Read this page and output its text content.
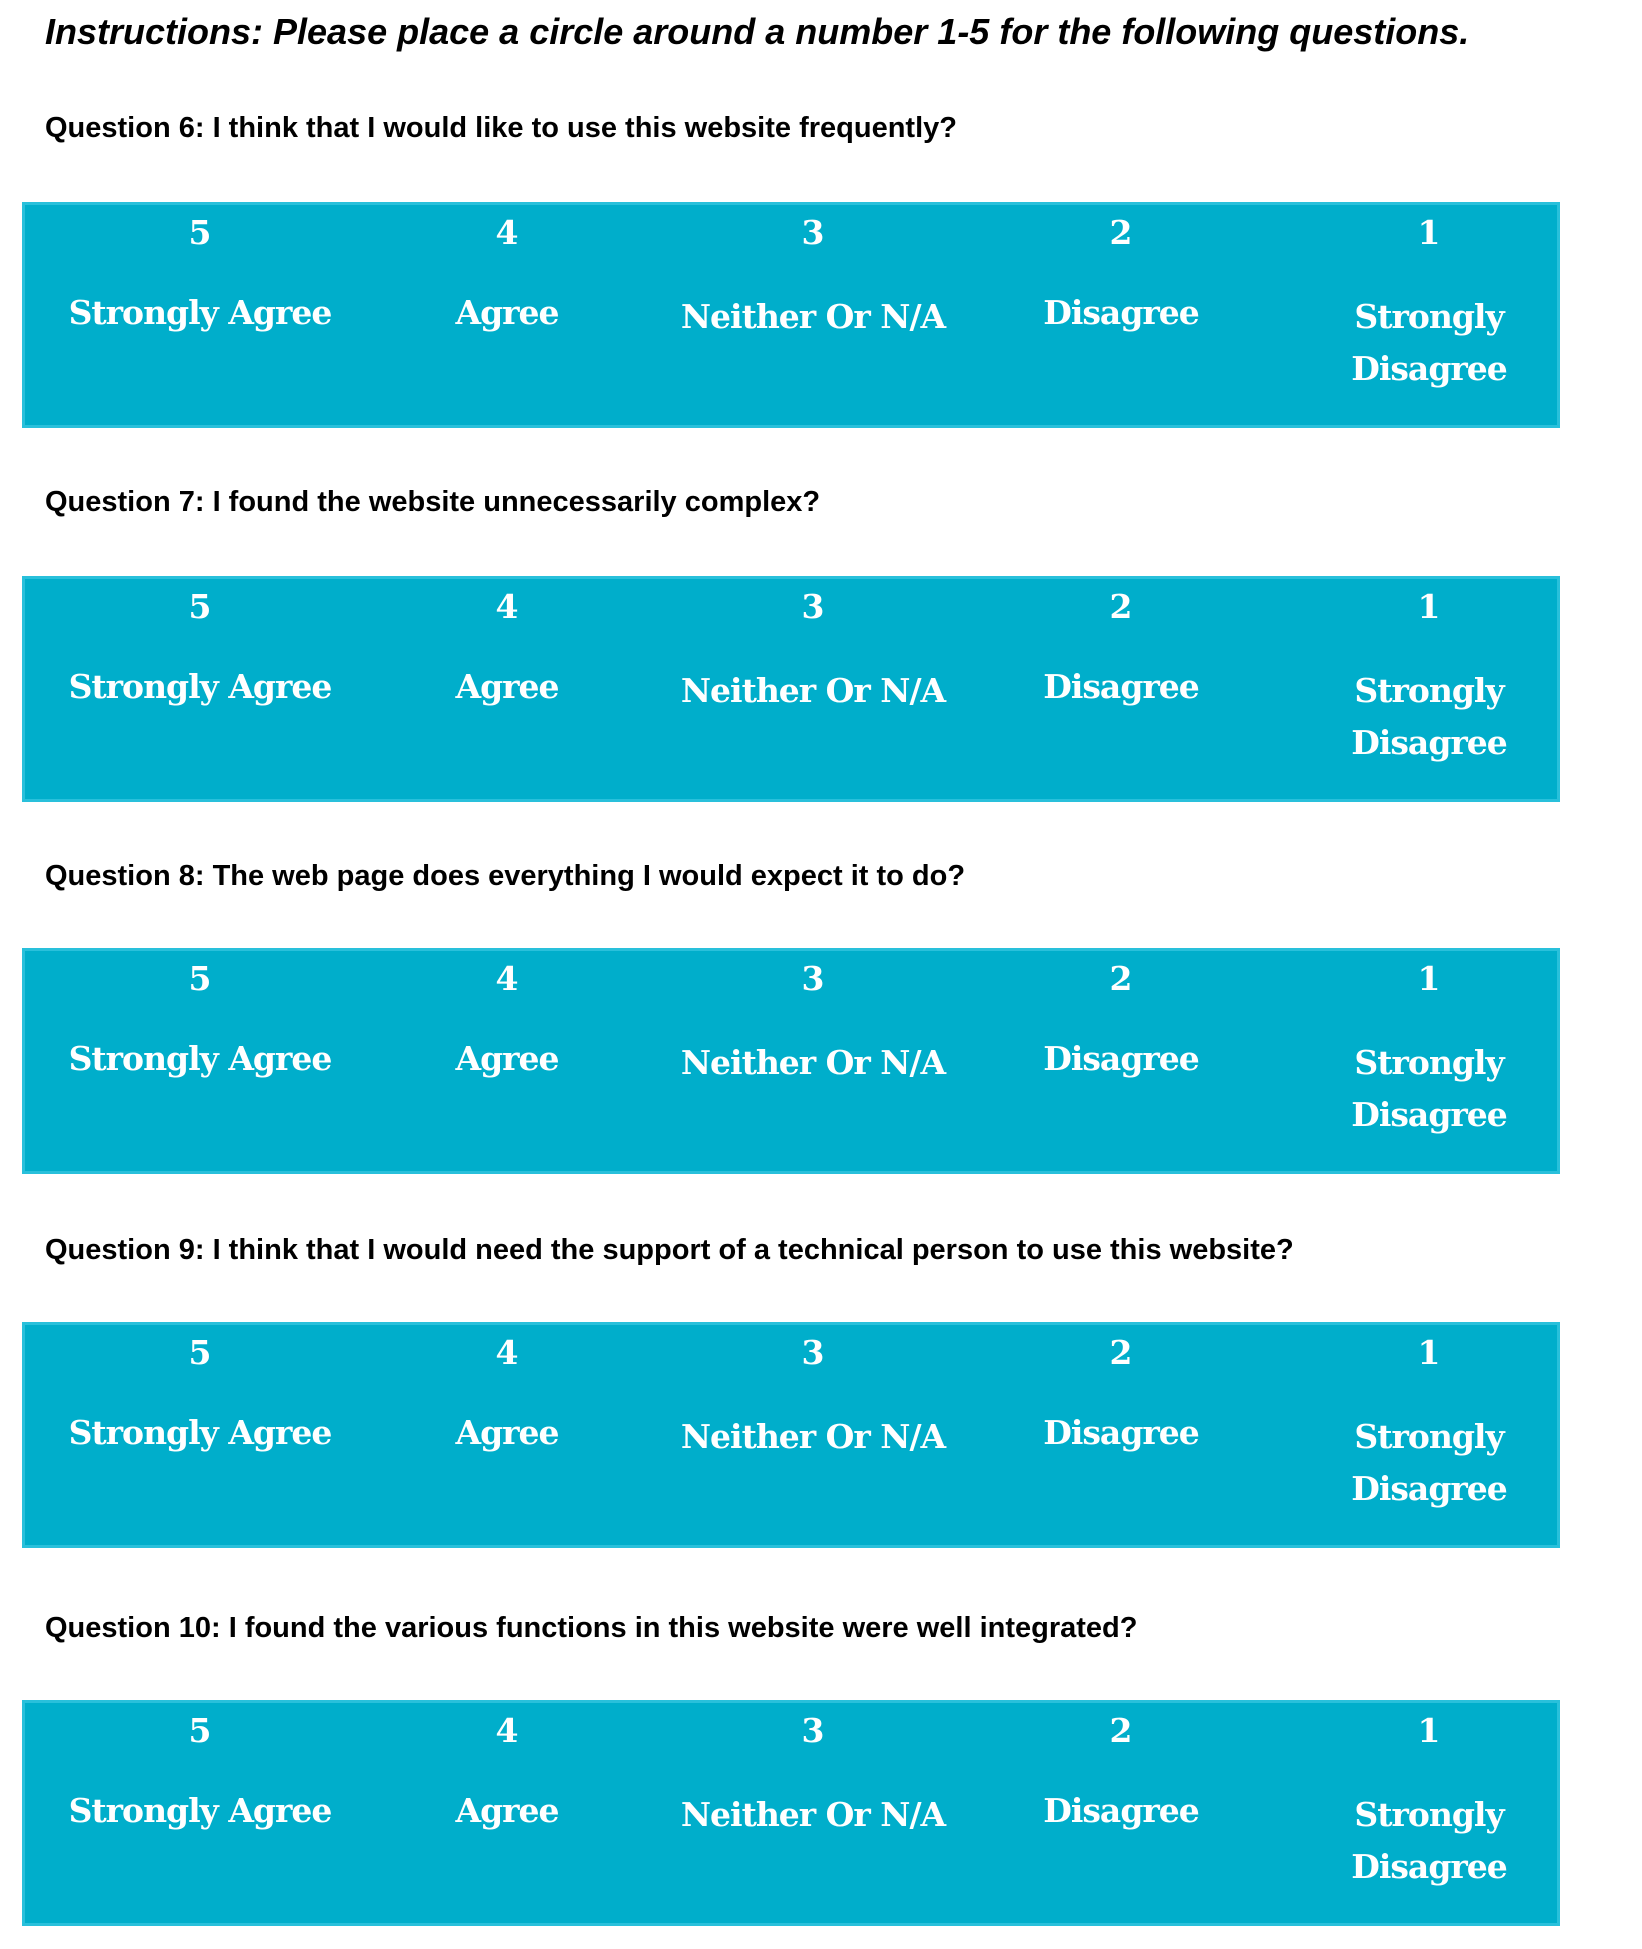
Instructions: Please place a circle around a number 1-5 for the following questions.
Question 6: I think that I would like to use this website frequently?
5
Strongly Agree
4
Agree
3
Neither Or N/A
2
Disagree
1
Strongly Disagree
Question 7: I found the website unnecessarily complex?
5
Strongly Agree
4
Agree
3
Neither Or N/A
2
Disagree
1
Strongly Disagree
Question 8: The web page does everything I would expect it to do?
5
Strongly Agree
4
Agree
3
Neither Or N/A
2
Disagree
1
Strongly Disagree
Question 9: I think that I would need the support of a technical person to use this website?
5
Strongly Agree
4
Agree
3
Neither Or N/A
2
Disagree
1
Strongly Disagree
Question 10: I found the various functions in this website were well integrated?
5
Strongly Agree
4
Agree
3
Neither Or N/A
2
Disagree
1
Strongly Disagree
